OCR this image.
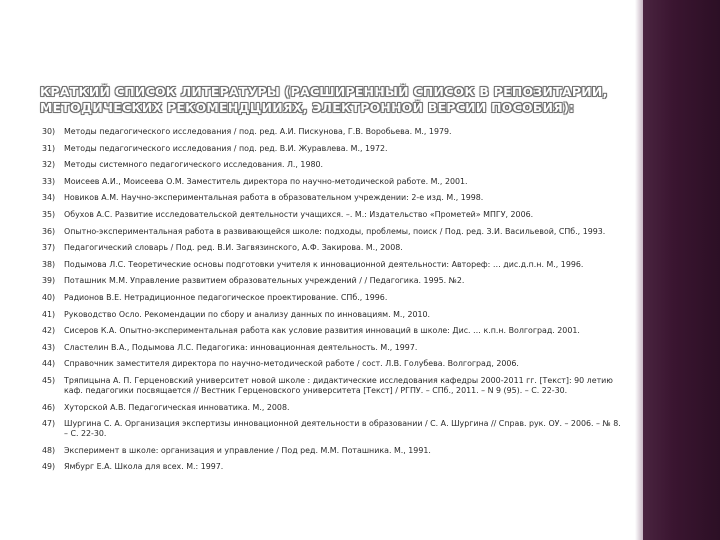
КРАТКИЙ СПИСОК ЛИТЕРАТУРЫ (РАСШИРЕННЫЙ СПИСОК В РЕПОЗИТАРИИ,
МЕТОДИЧЕСКИХ РЕКОМЕНДЦИИЯХ, ЭЛЕКТРОННОЙ ВЕРСИИ ПОСОБИЯ):
30)	Методы педагогического исследования / под. ред. А.И. Пискунова, Г.В. Воробьева. М., 1979.
31)	Методы педагогического исследования / под. ред. В.И. Журавлева. М., 1972.
32)	Методы системного педагогического исследования. Л., 1980.
33)	Моисеев А.И., Моисеева О.М. Заместитель директора по научно-методической работе. М., 2001.
34)	Новиков А.М. Научно-экспериментальная работа в образовательном учреждении: 2-е изд. М., 1998.
35)	Обухов А.С. Развитие исследовательской деятельности учащихся. –. М.: Издательство «Прометей» МПГУ, 2006.
36)	Опытно-экспериментальная работа в развивающейся школе: подходы, проблемы, поиск / Под. ред. З.И. Васильевой, СПб., 1993.
37)	Педагогический словарь / Под. ред. В.И. Загвязинского, А.Ф. Закирова. М., 2008.
38)	Подымова Л.С. Теоретические основы подготовки учителя к инновационной деятельности: Автореф: … дис.д.п.н. М., 1996.
39)	Поташник М.М. Управление развитием образовательных учреждений / / Педагогика. 1995. №2.
40)	Радионов В.Е. Нетрадиционное педагогическое проектирование. СПб., 1996.
41)	Руководство Осло. Рекомендации по сбору и анализу данных по инновациям. М., 2010.
42)	Сисеров К.А. Опытно-экспериментальная работа как условие развития инноваций в школе: Дис. … к.п.н. Волгоград. 2001.
43)	Сластелин В.А., Подымова Л.С. Педагогика: инновационная деятельность. М., 1997.
44)	Справочник заместителя директора по научно-методической работе / сост. Л.В. Голубева. Волгоград, 2006.
45)	Тряпицына А. П. Герценовский университет новой школе : дидактические исследования кафедры 2000-2011 гг. [Текст]: 90 летию каф. педагогики посвящается // Вестник Герценовского университета [Текст] / РГПУ. – СПб., 2011. – N 9 (95). – С. 22-30.
46)	Хуторской А.В. Педагогическая инноватика. М., 2008.
47)	Шургина С. А. Организация экспертизы инновационной деятельности в образовании / С. А. Шургина // Справ. рук. ОУ. – 2006. – № 8. – С. 22-30.
48)	Эксперимент в школе: организация и управление / Под ред. М.М. Поташника. М., 1991.
49)	Ямбург Е.А. Школа для всех. М.: 1997.
